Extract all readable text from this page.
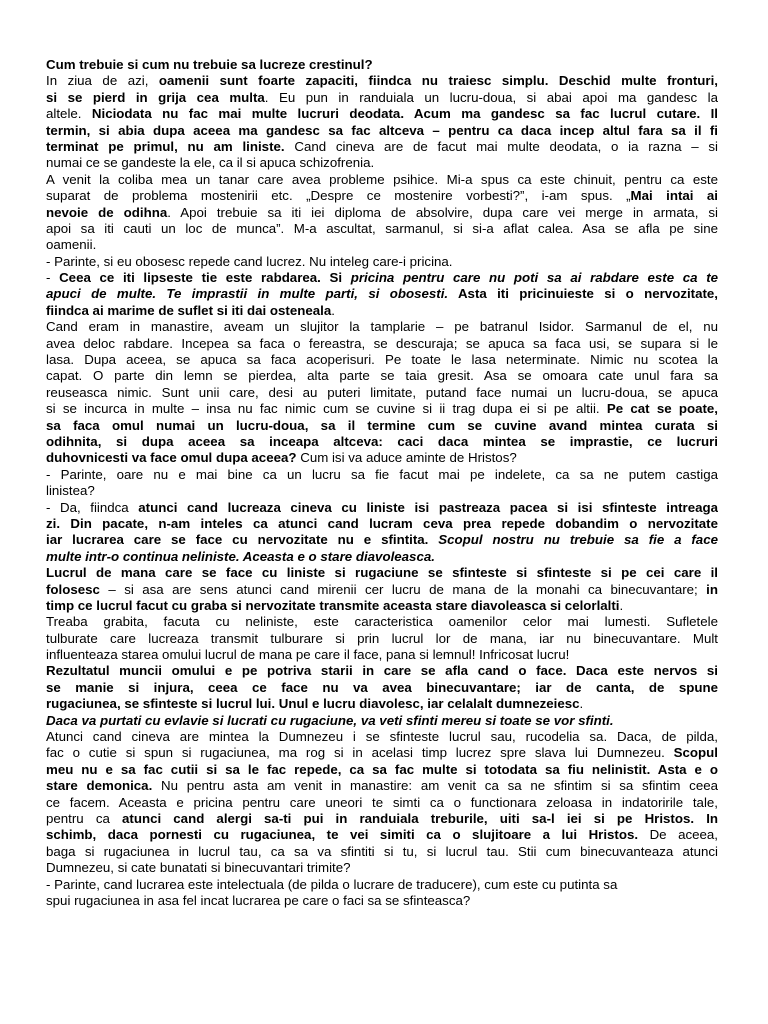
Cum trebuie si cum nu trebuie sa lucreze crestinul?
In ziua de azi, oamenii sunt foarte zapaciti, fiindca nu traiesc simplu. Deschid multe fronturi,
si se pierd in grija cea multa. Eu pun in randuiala un lucru-doua, si abai apoi ma gandesc la
altele. Niciodata nu fac mai multe lucruri deodata. Acum ma gandesc sa fac lucrul cutare. Il
termin, si abia dupa aceea ma gandesc sa fac altceva – pentru ca daca incep altul fara sa il fi
terminat pe primul, nu am liniste. Cand cineva are de facut mai multe deodata, o ia razna – si
numai ce se gandeste la ele, ca il si apuca schizofrenia.
A venit la coliba mea un tanar care avea probleme psihice. Mi-a spus ca este chinuit, pentru ca este
suparat de problema mostenirii etc. „Despre ce mostenire vorbesti?”, i-am spus. „Mai intai ai
nevoie de odihna. Apoi trebuie sa iti iei diploma de absolvire, dupa care vei merge in armata, si
apoi sa iti cauti un loc de munca”. M-a ascultat, sarmanul, si si-a aflat calea. Asa se afla pe sine
oamenii.
- Parinte, si eu obosesc repede cand lucrez. Nu inteleg care-i pricina.
- Ceea ce iti lipseste tie este rabdarea. Si pricina pentru care nu poti sa ai rabdare este ca te
apuci de multe. Te imprastii in multe parti, si obosesti. Asta iti pricinuieste si o nervozitate,
fiindca ai marime de suflet si iti dai osteneala.
Cand eram in manastire, aveam un slujitor la tamplarie – pe batranul Isidor. Sarmanul de el, nu
avea deloc rabdare. Incepea sa faca o fereastra, se descuraja; se apuca sa faca usi, se supara si le
lasa. Dupa aceea, se apuca sa faca acoperisuri. Pe toate le lasa neterminate. Nimic nu scotea la
capat. O parte din lemn se pierdea, alta parte se taia gresit. Asa se omoara cate unul fara sa
reuseasca nimic. Sunt unii care, desi au puteri limitate, putand face numai un lucru-doua, se apuca
si se incurca in multe – insa nu fac nimic cum se cuvine si ii trag dupa ei si pe altii. Pe cat se poate,
sa faca omul numai un lucru-doua, sa il termine cum se cuvine avand mintea curata si
odihnita, si dupa aceea sa inceapa altceva: caci daca mintea se imprastie, ce lucruri
duhovnicesti va face omul dupa aceea? Cum isi va aduce aminte de Hristos?
- Parinte, oare nu e mai bine ca un lucru sa fie facut mai pe indelete, ca sa ne putem castiga
linistea?
- Da, fiindca atunci cand lucreaza cineva cu liniste isi pastreaza pacea si isi sfinteste intreaga
zi. Din pacate, n-am inteles ca atunci cand lucram ceva prea repede dobandim o nervozitate
iar lucrarea care se face cu nervozitate nu e sfintita. Scopul nostru nu trebuie sa fie a face
multe intr-o continua neliniste. Aceasta e o stare diavoleasca.
Lucrul de mana care se face cu liniste si rugaciune se sfinteste si sfinteste si pe cei care il
folosesc – si asa are sens atunci cand mirenii cer lucru de mana de la monahi ca binecuvantare; in
timp ce lucrul facut cu graba si nervozitate transmite aceasta stare diavoleasca si celorlalti.
Treaba grabita, facuta cu neliniste, este caracteristica oamenilor celor mai lumesti. Sufletele
tulburate care lucreaza transmit tulburare si prin lucrul lor de mana, iar nu binecuvantare. Mult
influenteaza starea omului lucrul de mana pe care il face, pana si lemnul! Infricosat lucru!
Rezultatul muncii omului e pe potriva starii in care se afla cand o face. Daca este nervos si
se manie si injura, ceea ce face nu va avea binecuvantare; iar de canta, de spune
rugaciunea, se sfinteste si lucrul lui. Unul e lucru diavolesc, iar celalalt dumnezeiesc.
Daca va purtati cu evlavie si lucrati cu rugaciune, va veti sfinti mereu si toate se vor sfinti.
Atunci cand cineva are mintea la Dumnezeu i se sfinteste lucrul sau, rucodelia sa. Daca, de pilda,
fac o cutie si spun si rugaciunea, ma rog si in acelasi timp lucrez spre slava lui Dumnezeu. Scopul
meu nu e sa fac cutii si sa le fac repede, ca sa fac multe si totodata sa fiu nelinistit. Asta e o
stare demonica. Nu pentru asta am venit in manastire: am venit ca sa ne sfintim si sa sfintim ceea
ce facem. Aceasta e pricina pentru care uneori te simti ca o functionara zeloasa in indatoririle tale,
pentru ca atunci cand alergi sa-ti pui in randuiala treburile, uiti sa-l iei si pe Hristos. In
schimb, daca pornesti cu rugaciunea, te vei simiti ca o slujitoare a lui Hristos. De aceea,
baga si rugaciunea in lucrul tau, ca sa va sfintiti si tu, si lucrul tau. Stii cum binecuvanteaza atunci
Dumnezeu, si cate bunatati si binecuvantari trimite?
- Parinte, cand lucrarea este intelectuala (de pilda o lucrare de traducere), cum este cu putinta sa
spui rugaciunea in asa fel incat lucrarea pe care o faci sa se sfinteasca?
